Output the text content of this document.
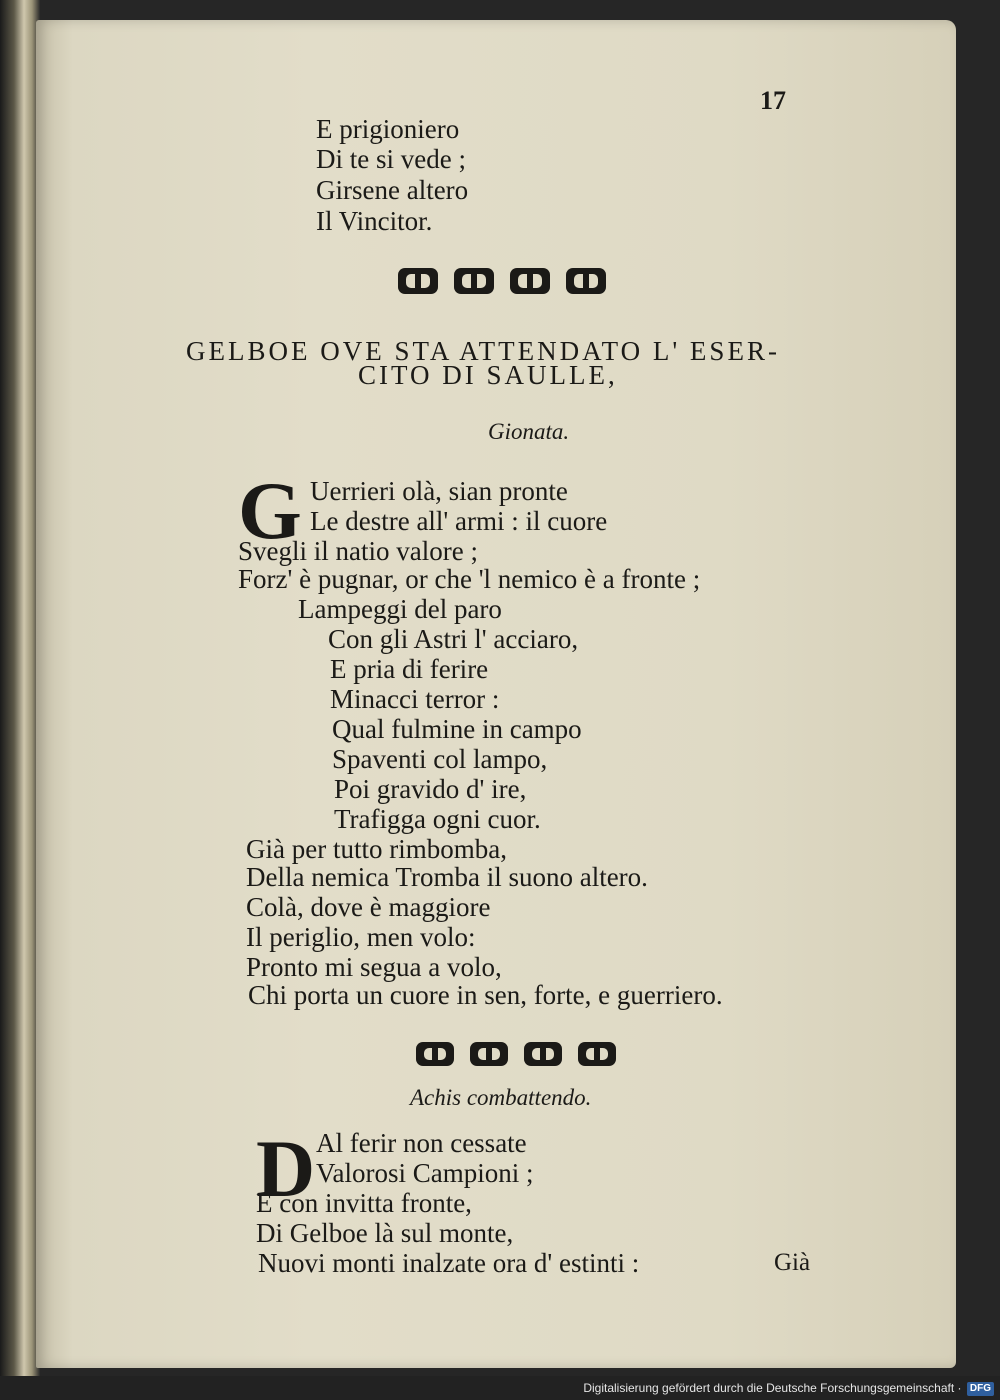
17
E prigioniero
Di te si vede ;
Girsene altero
Il Vincitor.
GELBOE OVE STA ATTENDATO L' ESER-
CITO DI SAULLE,
Gionata.
G Uerrieri olà, sian pronte
Le destre all' armi : il cuore
Svegli il natio valore ;
Forz' è pugnar, or che 'l nemico è a fronte ;
Lampeggi del paro
Con gli Astri l' acciaro,
E pria di ferire
Minacci terror :
Qual fulmine in campo
Spaventi col lampo,
Poi gravido d' ire,
Trafigga ogni cuor.
Già per tutto rimbomba,
Della nemica Tromba il suono altero.
Colà, dove è maggiore
Il periglio, men volo:
Pronto mi segua a volo,
Chi porta un cuore in sen, forte, e guerriero.
Achis combattendo.
D Al ferir non cessate
Valorosi Campioni ;
E con invitta fronte,
Di Gelboe là sul monte,
Nuovi monti inalzate ora d' estinti :	Già
Digitalisierung gefördert durch die Deutsche Forschungsgemeinschaft · DFG
